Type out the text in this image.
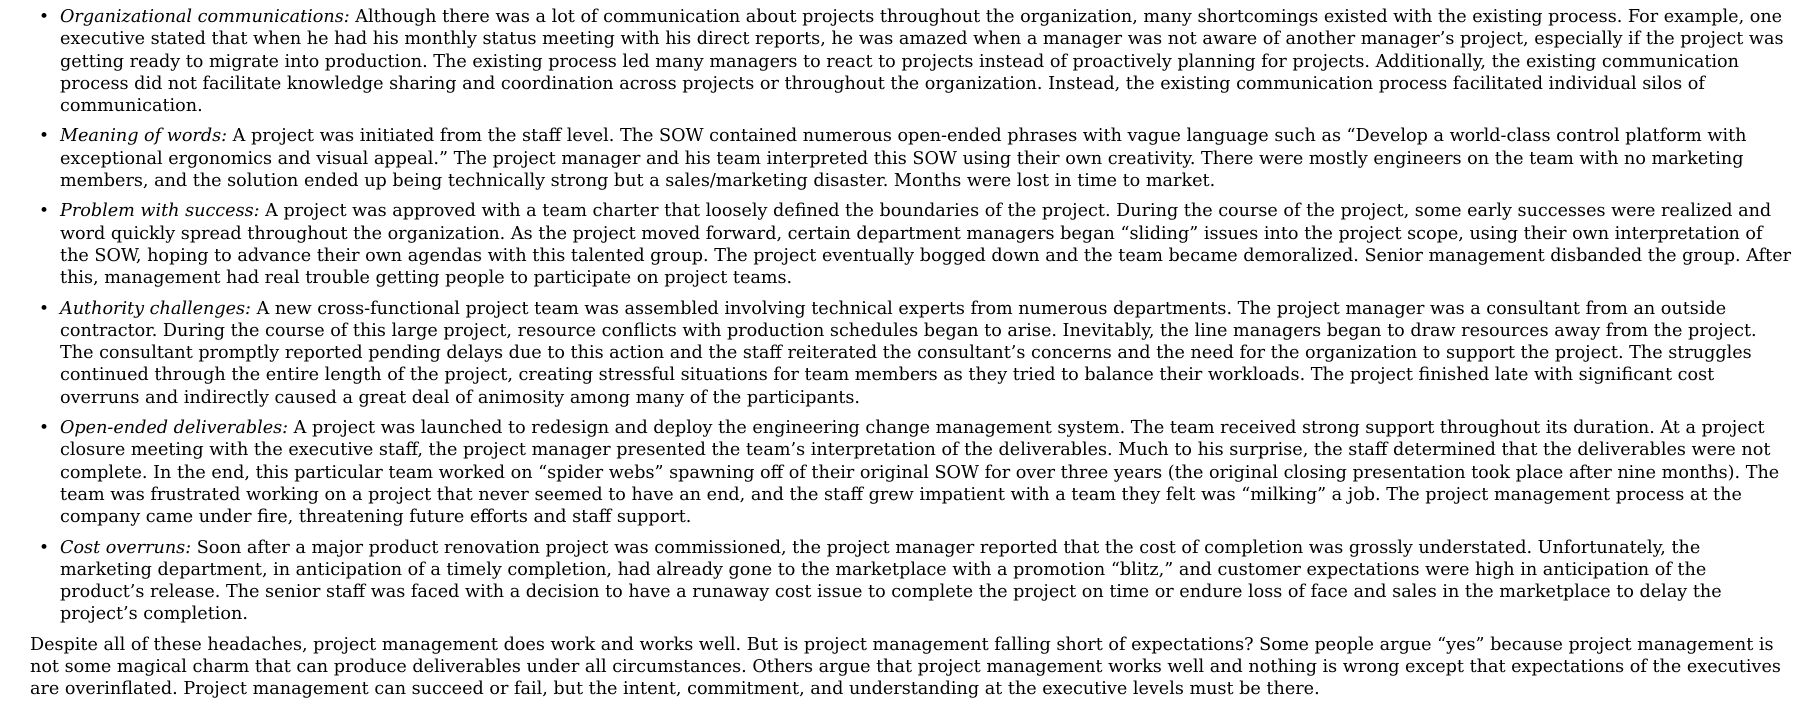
• Organizational communications: Although there was a lot of communication about projects throughout the organization, many shortcomings existed with the existing process. For example, one executive stated that when he had his monthly status meeting with his direct reports, he was amazed when a manager was not aware of another manager’s project, especially if the project was getting ready to migrate into production. The existing process led many managers to react to projects instead of proactively planning for projects. Additionally, the existing communication process did not facilitate knowledge sharing and coordination across projects or throughout the organization. Instead, the existing communication process facilitated individual silos of communication.
• Meaning of words: A project was initiated from the staff level. The SOW contained numerous open-ended phrases with vague language such as “Develop a world-class control platform with exceptional ergonomics and visual appeal.” The project manager and his team interpreted this SOW using their own creativity. There were mostly engineers on the team with no marketing members, and the solution ended up being technically strong but a sales/marketing disaster. Months were lost in time to market.
• Problem with success: A project was approved with a team charter that loosely defined the boundaries of the project. During the course of the project, some early successes were realized and word quickly spread throughout the organization. As the project moved forward, certain department managers began “sliding” issues into the project scope, using their own interpretation of the SOW, hoping to advance their own agendas with this talented group. The project eventually bogged down and the team became demoralized. Senior management disbanded the group. After this, management had real trouble getting people to participate on project teams.
• Authority challenges: A new cross-functional project team was assembled involving technical experts from numerous departments. The project manager was a consultant from an outside contractor. During the course of this large project, resource conflicts with production schedules began to arise. Inevitably, the line managers began to draw resources away from the project. The consultant promptly reported pending delays due to this action and the staff reiterated the consultant’s concerns and the need for the organization to support the project. The struggles continued through the entire length of the project, creating stressful situations for team members as they tried to balance their workloads. The project finished late with significant cost overruns and indirectly caused a great deal of animosity among many of the participants.
• Open-ended deliverables: A project was launched to redesign and deploy the engineering change management system. The team received strong support throughout its duration. At a project closure meeting with the executive staff, the project manager presented the team’s interpretation of the deliverables. Much to his surprise, the staff determined that the deliverables were not complete. In the end, this particular team worked on “spider webs” spawning off of their original SOW for over three years (the original closing presentation took place after nine months). The team was frustrated working on a project that never seemed to have an end, and the staff grew impatient with a team they felt was “milking” a job. The project management process at the company came under fire, threatening future efforts and staff support.
• Cost overruns: Soon after a major product renovation project was commissioned, the project manager reported that the cost of completion was grossly understated. Unfortunately, the marketing department, in anticipation of a timely completion, had already gone to the marketplace with a promotion “blitz,” and customer expectations were high in anticipation of the product’s release. The senior staff was faced with a decision to have a runaway cost issue to complete the project on time or endure loss of face and sales in the marketplace to delay the project’s completion.

Despite all of these headaches, project management does work and works well. But is project management falling short of expectations? Some people argue “yes” because project management is not some magical charm that can produce deliverables under all circumstances. Others argue that project management works well and nothing is wrong except that expectations of the executives are overinflated. Project management can succeed or fail, but the intent, commitment, and understanding at the executive levels must be there.
